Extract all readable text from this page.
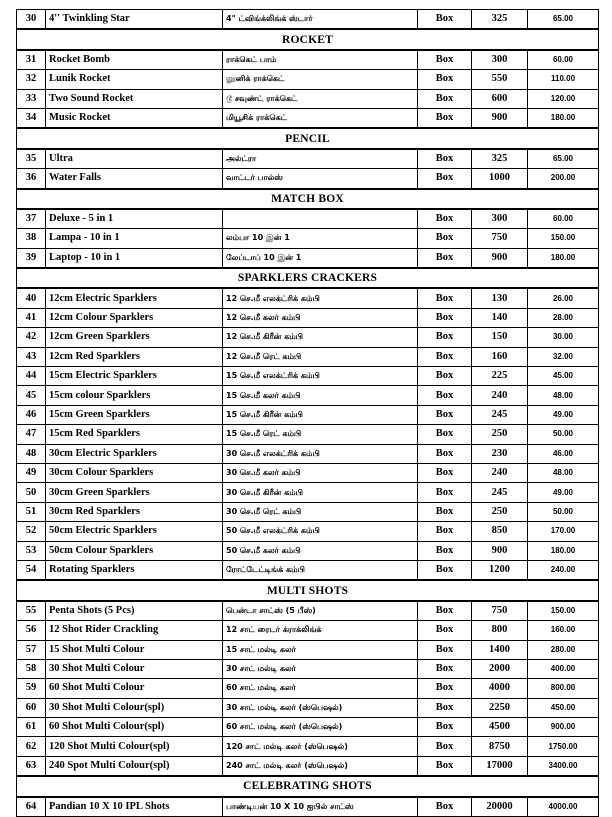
30	4'' Twinkling Star	4" ட்விங்க்லிங்க் ஸ்டார்	Box	325	65.00
ROCKET					
31	Rocket Bomb	ராக்கெட் பாம்	Box	300	60.00
32	Lunik Rocket	லூனிக் ராக்கெட்	Box	550	110.00
33	Two Sound Rocket	டூ சவுண்ட் ராக்கெட்	Box	600	120.00
34	Music Rocket	மியூசிக் ராக்கெட்	Box	900	180.00
PENCIL					
35	Ultra	அல்ட்ரா	Box	325	65.00
36	Water Falls	வாட்டர் பால்ஸ்	Box	1000	200.00
MATCH BOX					
37	Deluxe - 5 in 1		Box	300	60.00
38	Lampa - 10 in 1	லம்பா 10 இன் 1	Box	750	150.00
39	Laptop - 10 in 1	லேப்டாப் 10 இன் 1	Box	900	180.00
SPARKLERS CRACKERS					
40	12cm Electric Sparklers	12 செ.மீ எலக்ட்ரிக் கம்பி	Box	130	26.00
41	12cm Colour Sparklers	12 செ.மீ கலர் கம்பி	Box	140	28.00
42	12cm Green Sparklers	12 செ.மீ கிரீன் கம்பி	Box	150	30.00
43	12cm Red Sparklers	12 செ.மீ ரெட் கம்பி	Box	160	32.00
44	15cm Electric Sparklers	15 செ.மீ எலக்ட்ரிக் கம்பி	Box	225	45.00
45	15cm colour Sparklers	15 செ.மீ கலர் கம்பி	Box	240	48.00
46	15cm Green Sparklers	15 செ.மீ கிரீன் கம்பி	Box	245	49.00
47	15cm Red Sparklers	15 செ.மீ ரெட் கம்பி	Box	250	50.00
48	30cm Electric Sparklers	30 செ.மீ எலக்ட்ரிக் கம்பி	Box	230	46.00
49	30cm Colour Sparklers	30 செ.மீ கலர் கம்பி	Box	240	48.00
50	30cm Green Sparklers	30 செ.மீ கிரீன் கம்பி	Box	245	49.00
51	30cm Red Sparklers	30 செ.மீ ரெட் கம்பி	Box	250	50.00
52	50cm Electric Sparklers	50 செ.மீ எலக்ட்ரிக் கம்பி	Box	850	170.00
53	50cm Colour Sparklers	50 செ.மீ கலர் கம்பி	Box	900	180.00
54	Rotating Sparklers	ரோட்டேட்டிங்க் கம்பி	Box	1200	240.00
MULTI SHOTS					
55	Penta Shots (5 Pcs)	பென்டா சாட்ஸ் (5 பீஸ்)	Box	750	150.00
56	12 Shot Rider Crackling	12 சாட் ரைடர் க்ராக்லிங்க்	Box	800	160.00
57	15 Shot Multi Colour	15 சாட் மல்டி கலர்	Box	1400	280.00
58	30 Shot Multi Colour	30 சாட் மல்டி கலர்	Box	2000	400.00
59	60 Shot Multi Colour	60 சாட் மல்டி கலர்	Box	4000	800.00
60	30 Shot Multi Colour(spl)	30 சாட் மல்டி கலர் (ஸ்பெஷல்)	Box	2250	450.00
61	60 Shot Multi Colour(spl)	60 சாட் மல்டி கலர் (ஸ்பெஷல்)	Box	4500	900.00
62	120 Shot Multi Colour(spl)	120 சாட் மல்டி கலர் (ஸ்பெஷல்)	Box	8750	1750.00
63	240 Spot Multi Colour(spl)	240 சாட் மல்டி கலர் (ஸ்பெஷல்)	Box	17000	3400.00
CELEBRATING SHOTS					
64	Pandian 10 X 10 IPL Shots	பாண்டியன் 10 X 10 ஐபில் சாட்ஸ்	Box	20000	4000.00
